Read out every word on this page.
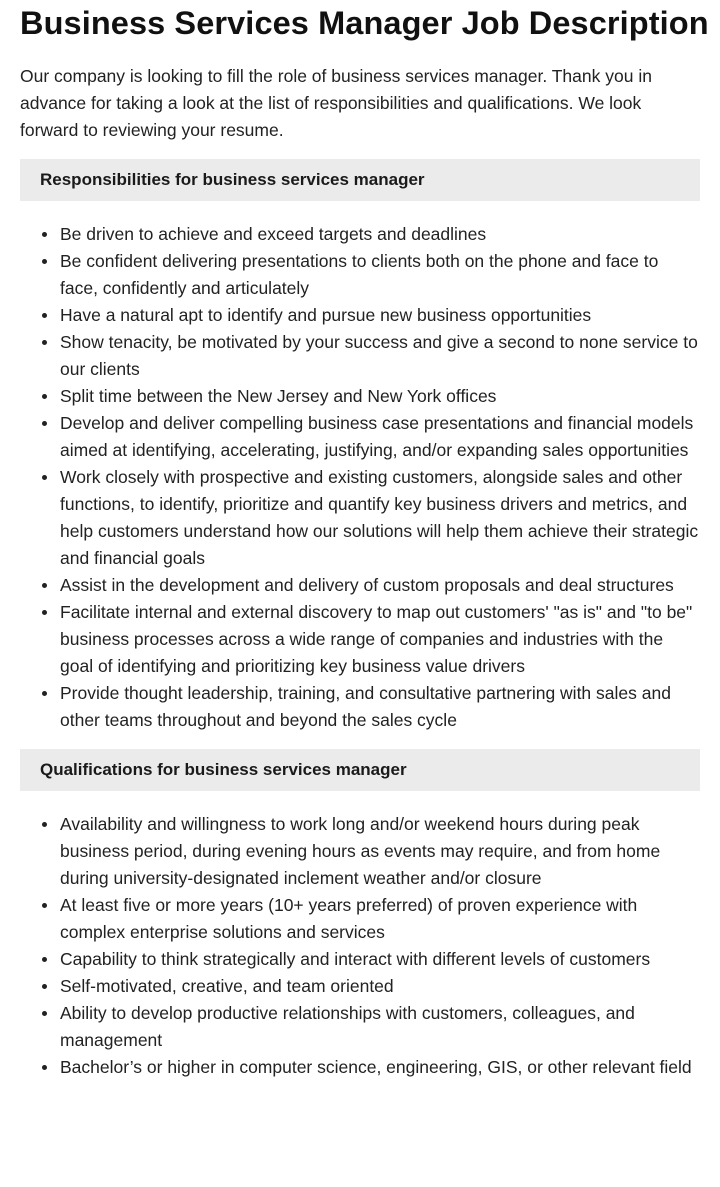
Business Services Manager Job Description

Our company is looking to fill the role of business services manager. Thank you in advance for taking a look at the list of responsibilities and qualifications. We look forward to reviewing your resume.

Responsibilities for business services manager
Be driven to achieve and exceed targets and deadlines
Be confident delivering presentations to clients both on the phone and face to face, confidently and articulately
Have a natural apt to identify and pursue new business opportunities
Show tenacity, be motivated by your success and give a second to none service to our clients
Split time between the New Jersey and New York offices
Develop and deliver compelling business case presentations and financial models aimed at identifying, accelerating, justifying, and/or expanding sales opportunities
Work closely with prospective and existing customers, alongside sales and other functions, to identify, prioritize and quantify key business drivers and metrics, and help customers understand how our solutions will help them achieve their strategic and financial goals
Assist in the development and delivery of custom proposals and deal structures
Facilitate internal and external discovery to map out customers' "as is" and "to be" business processes across a wide range of companies and industries with the goal of identifying and prioritizing key business value drivers
Provide thought leadership, training, and consultative partnering with sales and other teams throughout and beyond the sales cycle
Qualifications for business services manager
Availability and willingness to work long and/or weekend hours during peak business period, during evening hours as events may require, and from home during university-designated inclement weather and/or closure
At least five or more years (10+ years preferred) of proven experience with complex enterprise solutions and services
Capability to think strategically and interact with different levels of customers
Self-motivated, creative, and team oriented
Ability to develop productive relationships with customers, colleagues, and management
Bachelor’s or higher in computer science, engineering, GIS, or other relevant field
